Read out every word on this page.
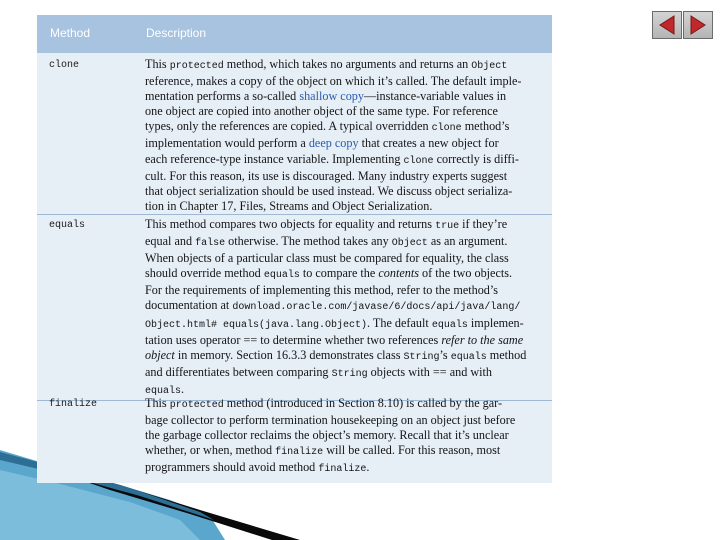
Method	Description
clone	This protected method, which takes no arguments and returns an Object
reference, makes a copy of the object on which it’s called. The default imple-
mentation performs a so-called shallow copy—instance-variable values in
one object are copied into another object of the same type. For reference
types, only the references are copied. A typical overridden clone method’s
implementation would perform a deep copy that creates a new object for
each reference-type instance variable. Implementing clone correctly is diffi-
cult. For this reason, its use is discouraged. Many industry experts suggest
that object serialization should be used instead. We discuss object serializa-
tion in Chapter 17, Files, Streams and Object Serialization.
equals	This method compares two objects for equality and returns true if they’re
equal and false otherwise. The method takes any Object as an argument.
When objects of a particular class must be compared for equality, the class
should override method equals to compare the contents of the two objects.
For the requirements of implementing this method, refer to the method’s
documentation at download.oracle.com/javase/6/docs/api/java/lang/
Object.html# equals(java.lang.Object). The default equals implemen-
tation uses operator == to determine whether two references refer to the same
object in memory. Section 16.3.3 demonstrates class String’s equals method
and differentiates between comparing String objects with == and with
equals.
finalize	This protected method (introduced in Section 8.10) is called by the gar-
bage collector to perform termination housekeeping on an object just before
the garbage collector reclaims the object’s memory. Recall that it’s unclear
whether, or when, method finalize will be called. For this reason, most
programmers should avoid method finalize.
